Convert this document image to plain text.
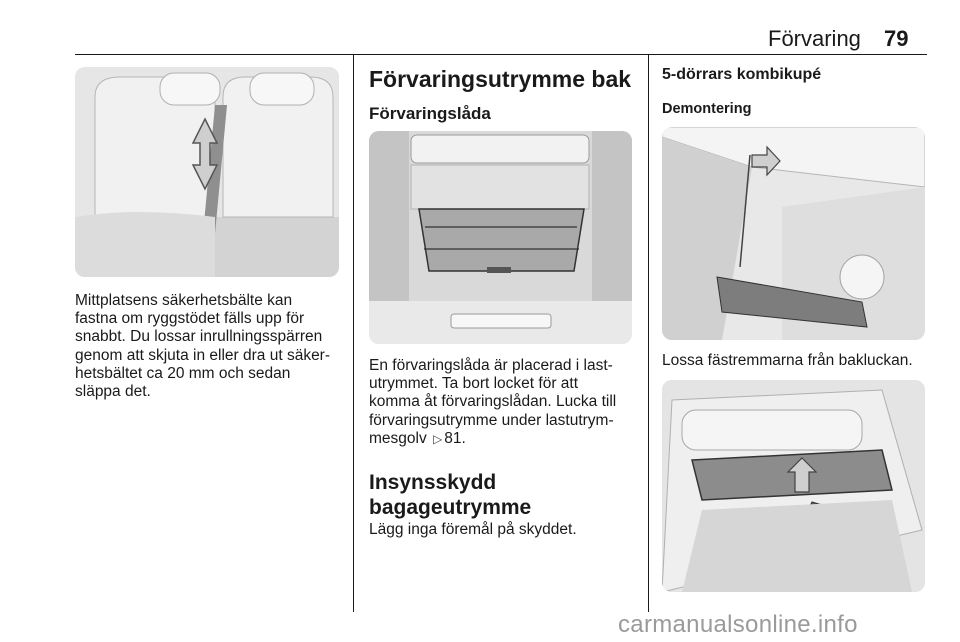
Förvaring 79
Mittplatsens säkerhetsbälte kan
fastna om ryggstödet fälls upp för
snabbt. Du lossar inrullningsspärren
genom att skjuta in eller dra ut säker-
hetsbältet ca 20 mm och sedan
släppa det.
Förvaringsutrymme bak
Förvaringslåda
En förvaringslåda är placerad i last-
utrymmet. Ta bort locket för att
komma åt förvaringslådan. Lucka till
förvaringsutrymme under lastutrym-
mesgolv ▷ 81.
Insynsskydd
bagageutrymme
Lägg inga föremål på skyddet.
5-dörrars kombikupé
Demontering
Lossa fästremmarna från bakluckan.
carmanualsonline.info
